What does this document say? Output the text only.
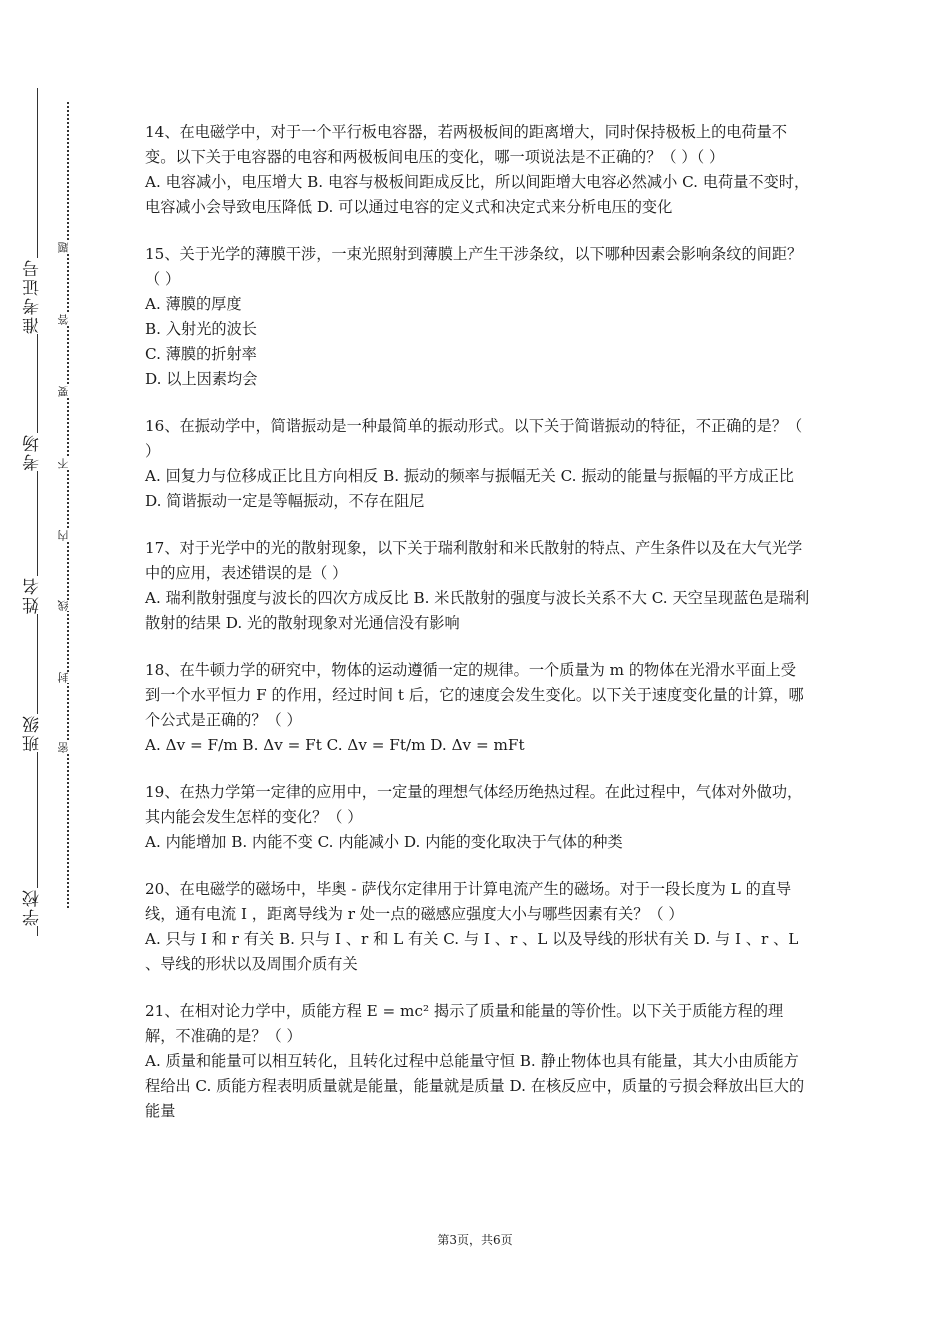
准考证号
考场
姓名
班级
学校
题
答
要
不
内
线
封
密

14、在电磁学中，对于一个平行板电容器，若两极板间的距离增大，同时保持极板上的电荷量不变。以下关于电容器的电容和两极板间电压的变化，哪一项说法是不正确的？（ ）（ ）

A. 电容减小，电压增大 B. 电容与极板间距成反比，所以间距增大电容必然减小 C. 电荷量不变时，电容减小会导致电压降低 D. 可以通过电容的定义式和决定式来分析电压的变化

15、关于光学的薄膜干涉，一束光照射到薄膜上产生干涉条纹，以下哪种因素会影响条纹的间距？（ ）

A. 薄膜的厚度

B. 入射光的波长

C. 薄膜的折射率

D. 以上因素均会

16、在振动学中，简谐振动是一种最简单的振动形式。以下关于简谐振动的特征，不正确的是？（ ）

A. 回复力与位移成正比且方向相反 B. 振动的频率与振幅无关 C. 振动的能量与振幅的平方成正比 D. 简谐振动一定是等幅振动，不存在阻尼

17、对于光学中的光的散射现象，以下关于瑞利散射和米氏散射的特点、产生条件以及在大气光学中的应用，表述错误的是（ ）

A. 瑞利散射强度与波长的四次方成反比 B. 米氏散射的强度与波长关系不大 C. 天空呈现蓝色是瑞利散射的结果 D. 光的散射现象对光通信没有影响

18、在牛顿力学的研究中，物体的运动遵循一定的规律。一个质量为 m 的物体在光滑水平面上受到一个水平恒力 F 的作用，经过时间 t 后，它的速度会发生变化。以下关于速度变化量的计算，哪个公式是正确的？（ ）

A. Δv = F/m B. Δv = Ft C. Δv = Ft/m D. Δv = mFt

19、在热力学第一定律的应用中，一定量的理想气体经历绝热过程。在此过程中，气体对外做功，其内能会发生怎样的变化？（ ）

A. 内能增加 B. 内能不变 C. 内能减小 D. 内能的变化取决于气体的种类

20、在电磁学的磁场中，毕奥 - 萨伐尔定律用于计算电流产生的磁场。对于一段长度为 L 的直导线，通有电流 I ，距离导线为 r 处一点的磁感应强度大小与哪些因素有关？（ ）

A. 只与 I 和 r 有关 B. 只与 I 、r 和 L 有关 C. 与 I 、r 、L 以及导线的形状有关 D. 与 I 、r 、L 、导线的形状以及周围介质有关

21、在相对论力学中，质能方程 E = mc² 揭示了质量和能量的等价性。以下关于质能方程的理解，不准确的是？（ ）

A. 质量和能量可以相互转化，且转化过程中总能量守恒 B. 静止物体也具有能量，其大小由质能方程给出 C. 质能方程表明质量就是能量，能量就是质量 D. 在核反应中，质量的亏损会释放出巨大的能量

第3页，共6页
